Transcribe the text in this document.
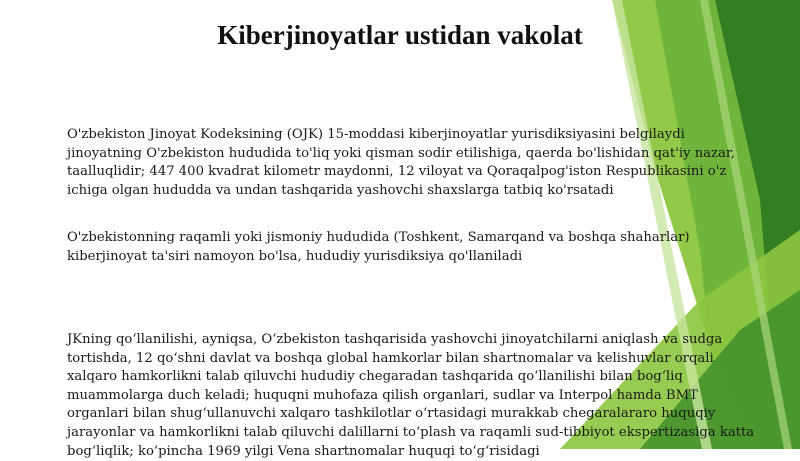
Kiberjinoyatlar ustidan vakolat

O'zbekiston Jinoyat Kodeksining (OJK) 15-moddasi kiberjinoyatlar yurisdiksiyasini belgilaydi jinoyatning O'zbekiston hududida to'liq yoki qisman sodir etilishiga, qaerda bo'lishidan qat'iy nazar, taalluqlidir; 447 400 kvadrat kilometr maydonni, 12 viloyat va Qoraqalpog'iston Respublikasini o'z ichiga olgan hududda va undan tashqarida yashovchi shaxslarga tatbiq ko'rsatadi

O'zbekistonning raqamli yoki jismoniy hududida (Toshkent, Samarqand va boshqa shaharlar) kiberjinoyat ta'siri namoyon bo'lsa, hududiy yurisdiksiya qo'llaniladi

JKning qo‘llanilishi, ayniqsa, O‘zbekiston tashqarisida yashovchi jinoyatchilarni aniqlash va sudga tortishda, 12 qo‘shni davlat va boshqa global hamkorlar bilan shartnomalar va kelishuvlar orqali xalqaro hamkorlikni talab qiluvchi hududiy chegaradan tashqarida qo‘llanilishi bilan bog‘liq muammolarga duch keladi; huquqni muhofaza qilish organlari, sudlar va Interpol hamda BMT organlari bilan shug‘ullanuvchi xalqaro tashkilotlar o‘rtasidagi murakkab chegaralararo huquqiy jarayonlar va hamkorlikni talab qiluvchi dalillarni to‘plash va raqamli sud-tibbiyot ekspertizasiga katta bog‘liqlik; ko‘pincha 1969 yilgi Vena shartnomalar huquqi to‘g‘risidagi
